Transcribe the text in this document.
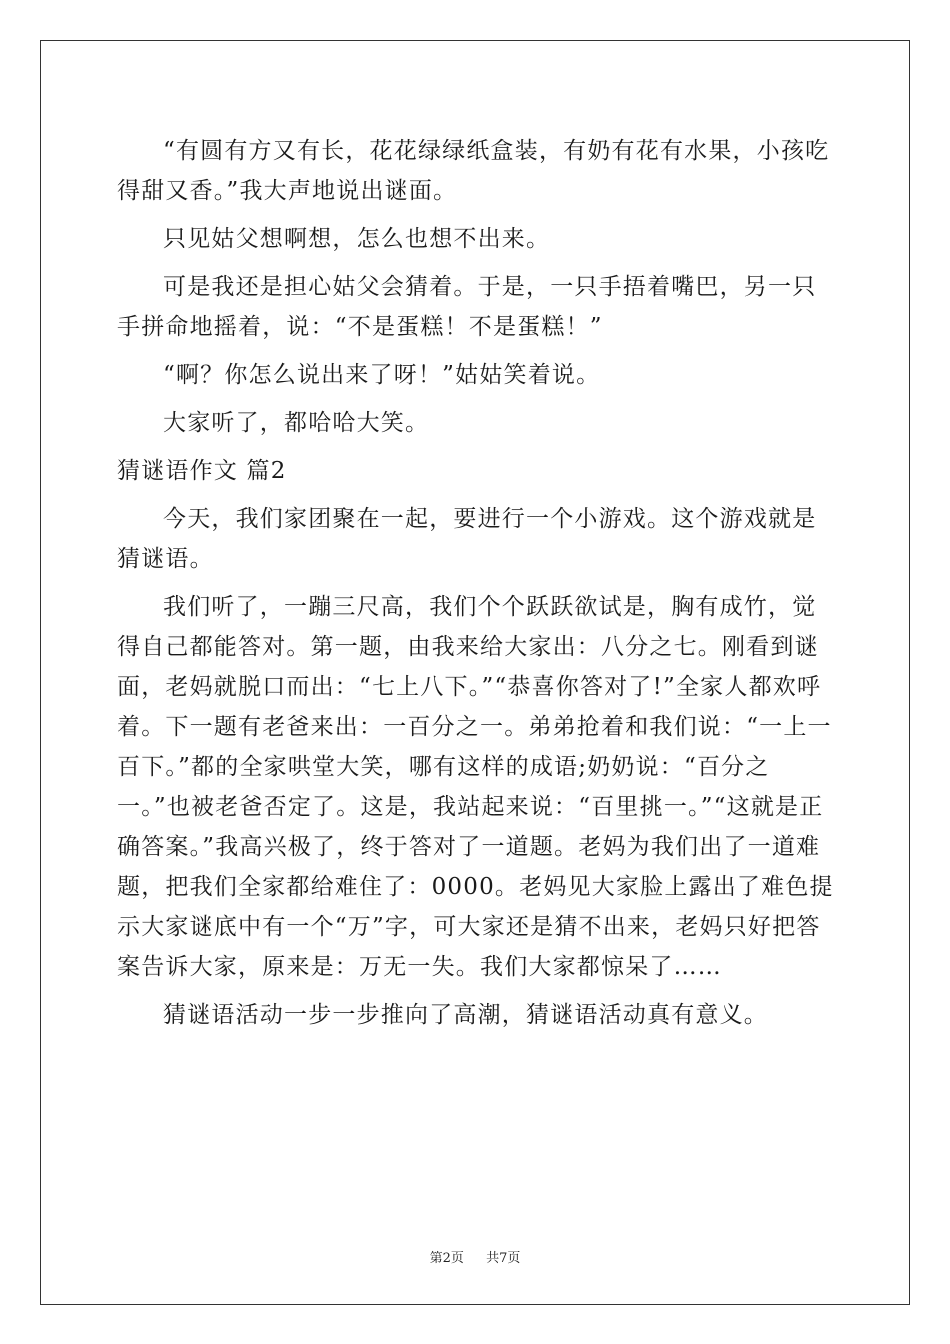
“有圆有方又有长，花花绿绿纸盒装，有奶有花有水果，小孩吃得甜又香。”我大声地说出谜面。

只见姑父想啊想，怎么也想不出来。

可是我还是担心姑父会猜着。于是，一只手捂着嘴巴，另一只手拼命地摇着，说：“不是蛋糕！不是蛋糕！”

“啊？你怎么说出来了呀！”姑姑笑着说。

大家听了，都哈哈大笑。

猜谜语作文 篇2

今天，我们家团聚在一起，要进行一个小游戏。这个游戏就是猜谜语。

我们听了，一蹦三尺高，我们个个跃跃欲试是，胸有成竹，觉得自己都能答对。第一题，由我来给大家出：八分之七。刚看到谜面，老妈就脱口而出：“七上八下。”“恭喜你答对了!”全家人都欢呼着。下一题有老爸来出：一百分之一。弟弟抢着和我们说：“一上一百下。”都的全家哄堂大笑，哪有这样的成语;奶奶说：“百分之一。”也被老爸否定了。这是，我站起来说：“百里挑一。”“这就是正确答案。”我高兴极了，终于答对了一道题。老妈为我们出了一道难题，把我们全家都给难住了：0000。老妈见大家脸上露出了难色提示大家谜底中有一个“万”字，可大家还是猜不出来，老妈只好把答案告诉大家，原来是：万无一失。我们大家都惊呆了……

猜谜语活动一步一步推向了高潮，猜谜语活动真有意义。

第2页 共7页
